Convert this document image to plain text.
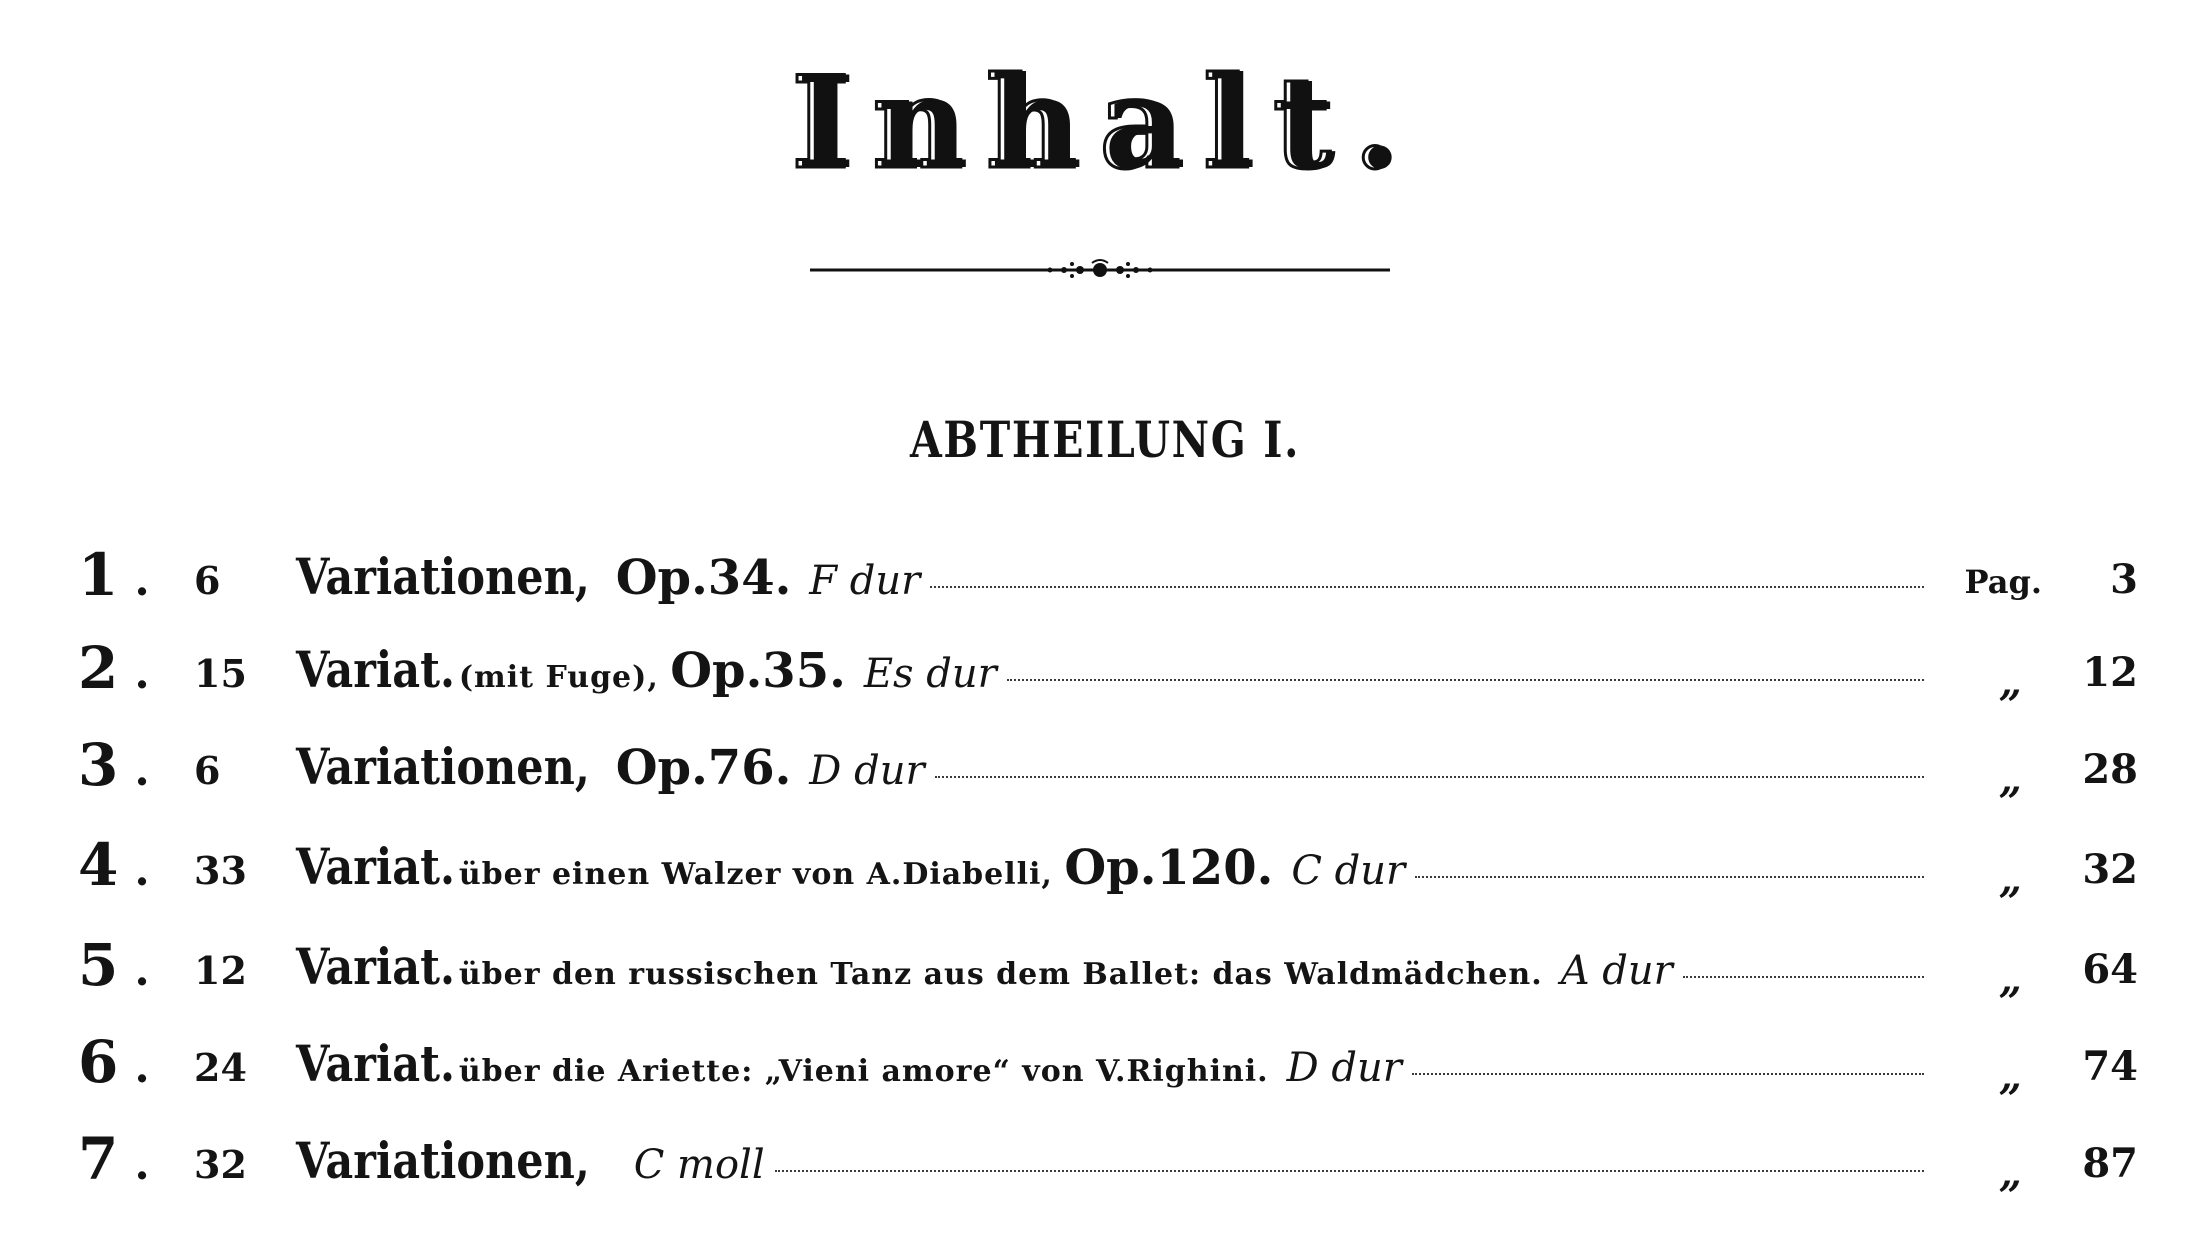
Inhalt.
ABTHEILUNG I.
1 . 6 Variationen,Op.34. F dur	Pag.	3
2 . 15 Variat. (mit Fuge), Op.35. Es dur	„	12
3 . 6 Variationen,Op.76. D dur	„	28
4 . 33 Variat.über einen Walzer von A.Diabelli, Op.120. C dur	„	32
5 . 12 Variat.über den russischen Tanz aus dem Ballet: das Waldmädchen. A dur	„	64
6 . 24 Variat.über die Ariette: „Vieni amore“ von V.Righini. D dur	„	74
7 . 32 Variationen,C moll	„	87
